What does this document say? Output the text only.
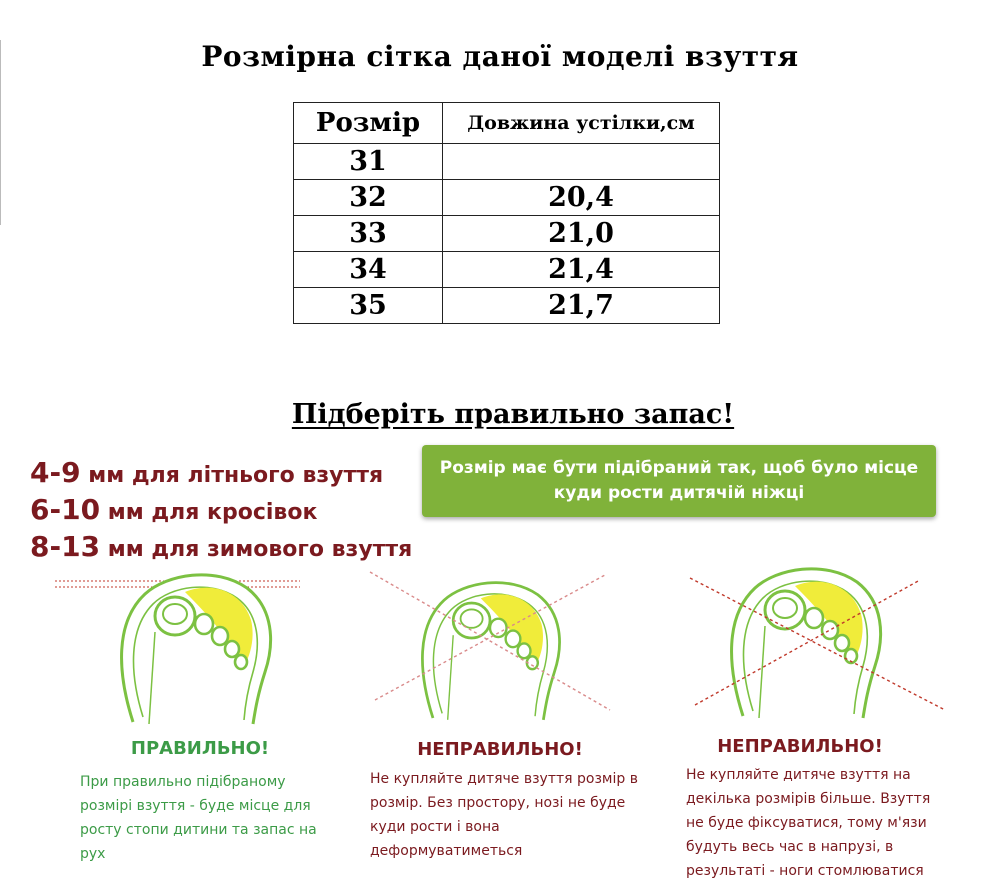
Розмірна сітка даної моделі взуття
Розмір	Довжина устілки,см
31	
32	20,4
33	21,0
34	21,4
35	21,7
Підберіть правильно запас!
4-9 мм для літнього взуття
6-10 мм для кросівок
8-13 мм для зимового взуття
Розмір має бути підібраний так, щоб було місце куди рости дитячій ніжці
ПРАВИЛЬНО!	НЕПРАВИЛЬНО!	НЕПРАВИЛЬНО!
При правильно підібраному розмірі взуття - буде місце для росту стопи дитини та запас на рух
Не купляйте дитяче взуття розмір в розмір. Без простору, нозі не буде куди рости і вона деформуватиметься
Не купляйте дитяче взуття на декілька розмірів більше. Взуття не буде фіксуватися, тому м'язи будуть весь час в напрузі, в результаті - ноги стомлюватися
